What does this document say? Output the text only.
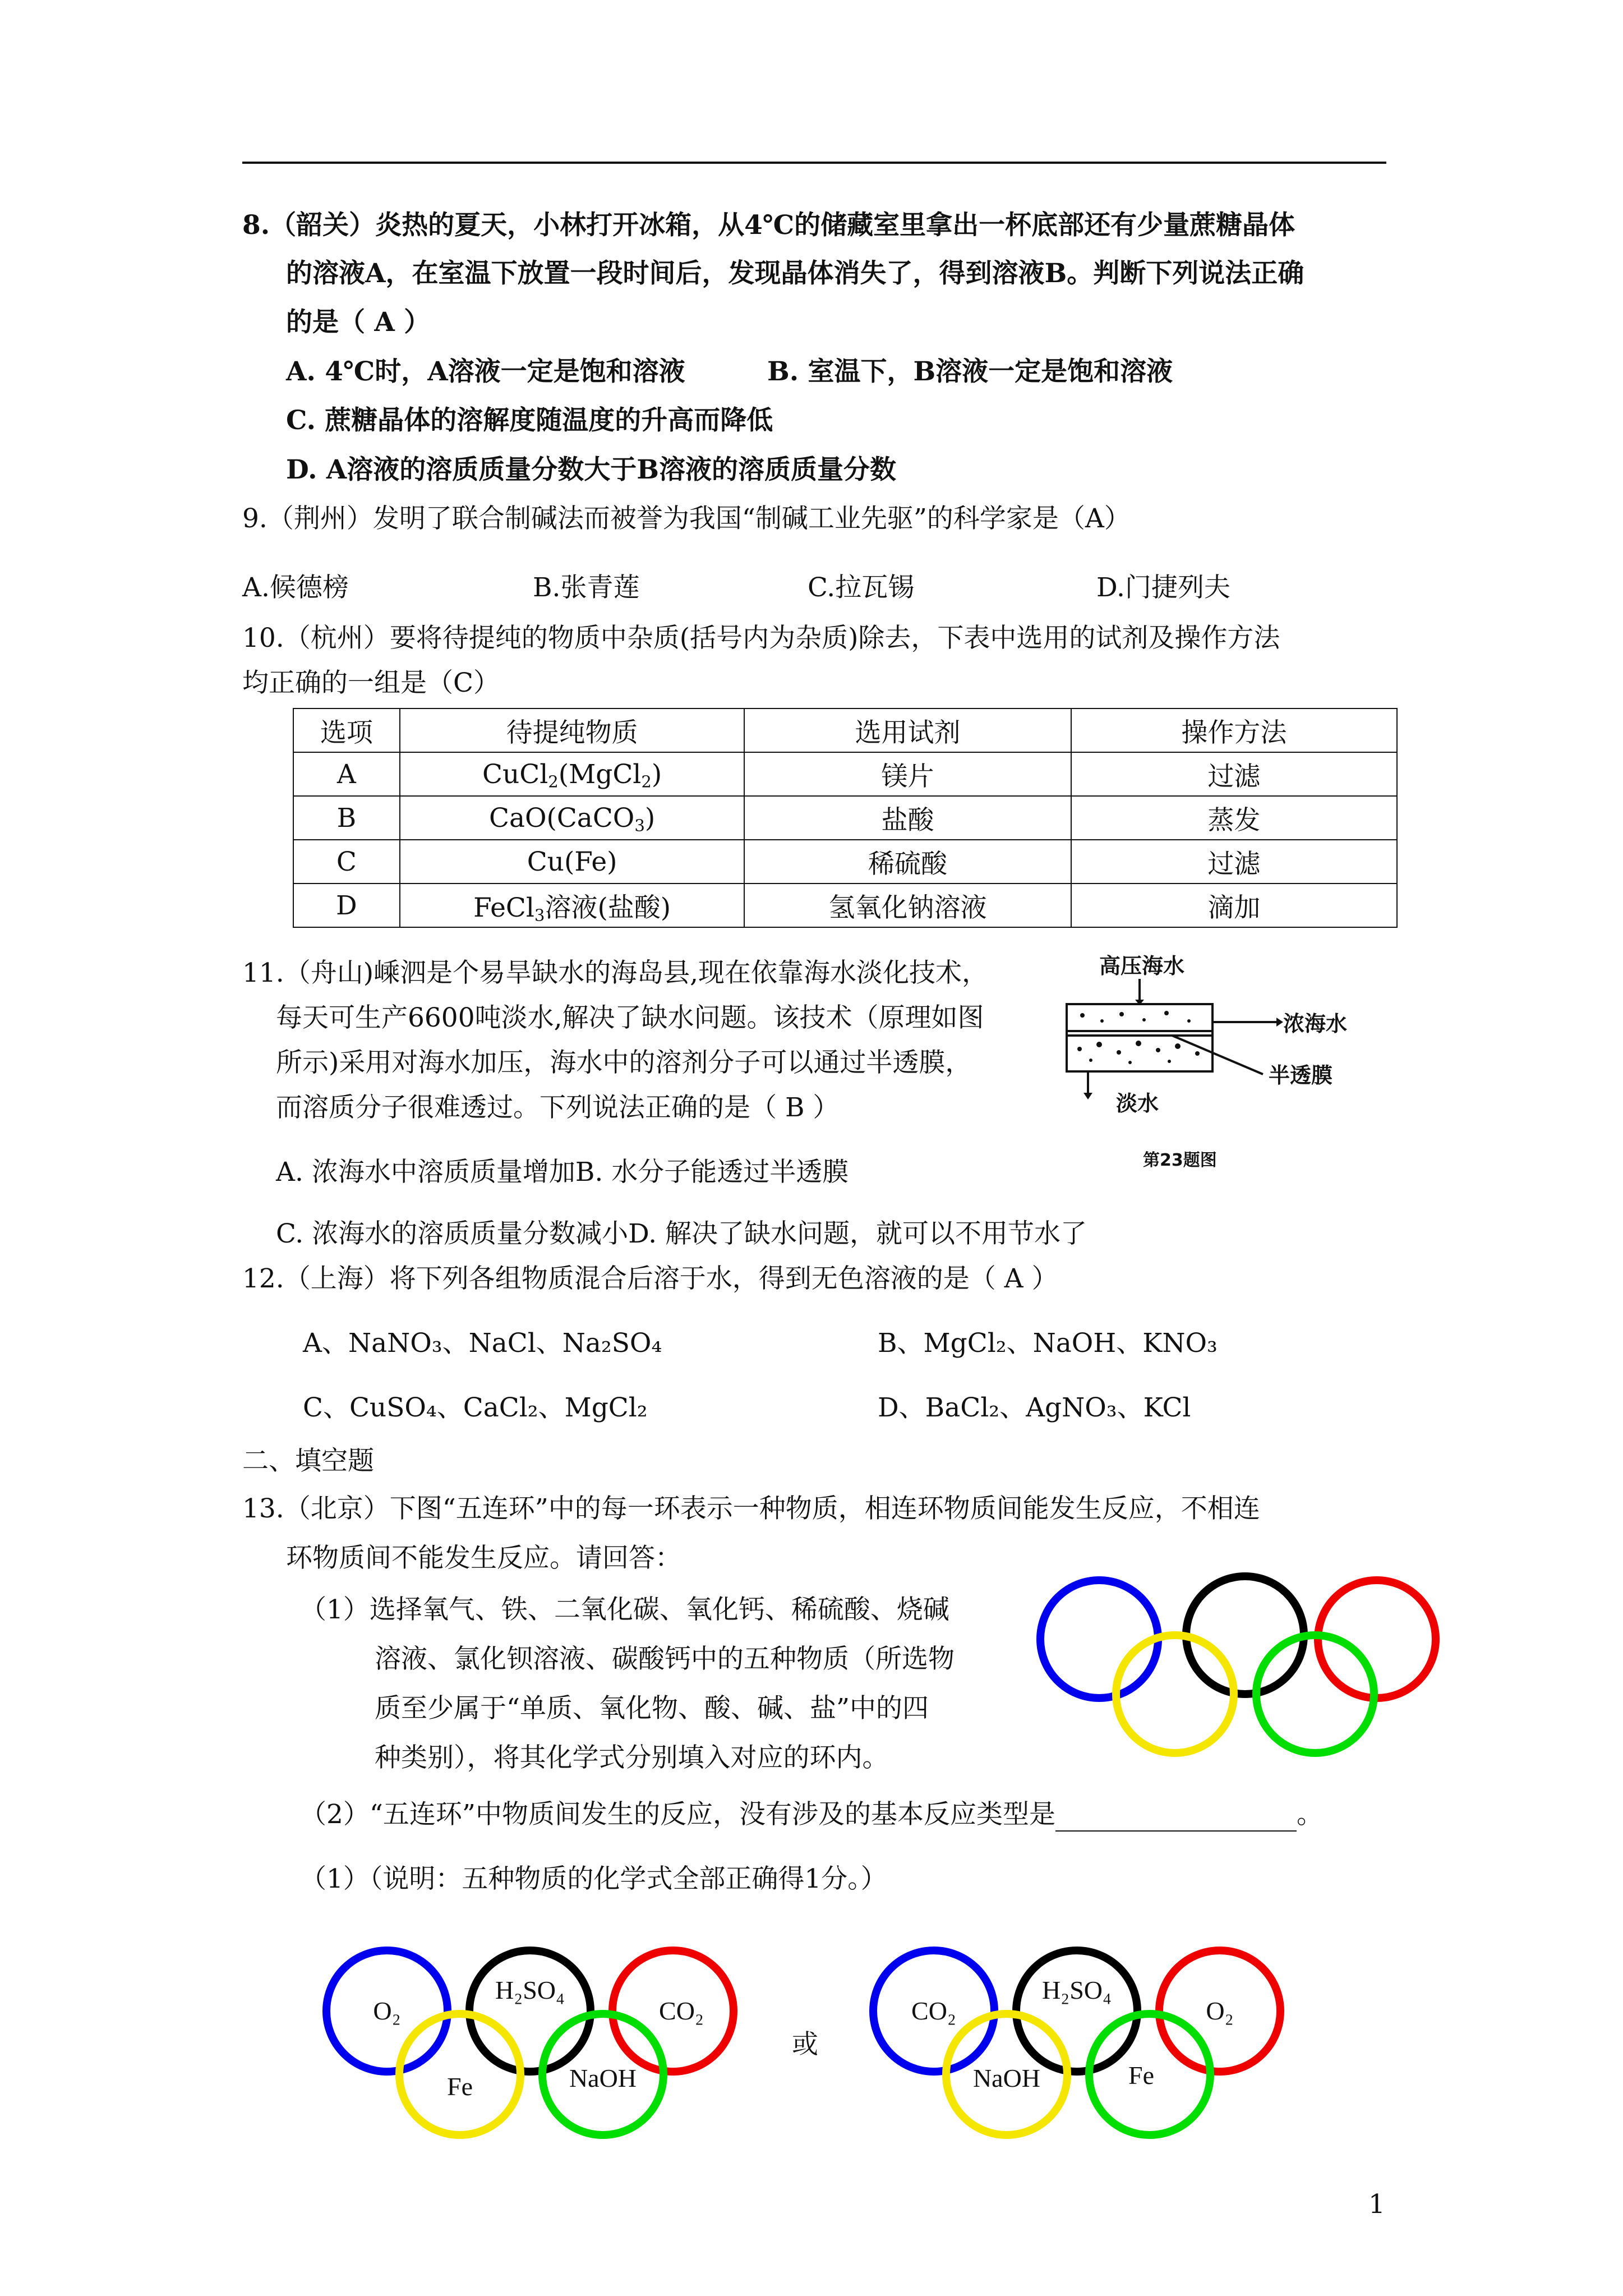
8.（韶关）炎热的夏天，小林打开冰箱，从4℃的储藏室里拿出一杯底部还有少量蔗糖晶体
的溶液A，在室温下放置一段时间后，发现晶体消失了，得到溶液B。判断下列说法正确
的是（ A ）
A. 4℃时，A溶液一定是饱和溶液	B. 室温下，B溶液一定是饱和溶液
C. 蔗糖晶体的溶解度随温度的升高而降低
D. A溶液的溶质质量分数大于B溶液的溶质质量分数
9.（荆州）发明了联合制碱法而被誉为我国“制碱工业先驱”的科学家是（A）
A.候德榜	B.张青莲	C.拉瓦锡	D.门捷列夫
10.（杭州）要将待提纯的物质中杂质(括号内为杂质)除去，下表中选用的试剂及操作方法
均正确的一组是（C）
选项	待提纯物质	选用试剂	操作方法
A	CuCl$_2$(MgCl$_2$)	镁片	过滤
B	CaO(CaCO$_3$)	盐酸	蒸发
C	Cu(Fe)	稀硫酸	过滤
D	FeCl$_3$溶液(盐酸)	氢氧化钠溶液	滴加
11.（舟山)嵊泗是个易旱缺水的海岛县,现在依靠海水淡化技术，
每天可生产6600吨淡水,解决了缺水问题。该技术（原理如图
所示)采用对海水加压，海水中的溶剂分子可以通过半透膜，
而溶质分子很难透过。下列说法正确的是（ B ）
A. 浓海水中溶质质量增加B. 水分子能透过半透膜
C. 浓海水的溶质质量分数减小D. 解决了缺水问题，就可以不用节水了
高压海水
浓海水
半透膜
淡水
第23题图
12.（上海）将下列各组物质混合后溶于水，得到无色溶液的是（ A ）
A、NaNO₃、NaCl、Na₂SO₄	B、MgCl₂、NaOH、KNO₃
C、CuSO₄、CaCl₂、MgCl₂	D、BaCl₂、AgNO₃、KCl
二、填空题
13.（北京）下图“五连环”中的每一环表示一种物质，相连环物质间能发生反应，不相连
环物质间不能发生反应。请回答：
（1）选择氧气、铁、二氧化碳、氧化钙、稀硫酸、烧碱
溶液、氯化钡溶液、碳酸钙中的五种物质（所选物
质至少属于“单质、氧化物、酸、碱、盐”中的四
种类别），将其化学式分别填入对应的环内。
（2）“五连环”中物质间发生的反应，没有涉及的基本反应类型是	。
（1）（说明：五种物质的化学式全部正确得1分。）
O₂
H₂SO₄
CO₂
Fe	NaOH
或
CO₂
H₂SO₄
O₂
NaOH	Fe
1
